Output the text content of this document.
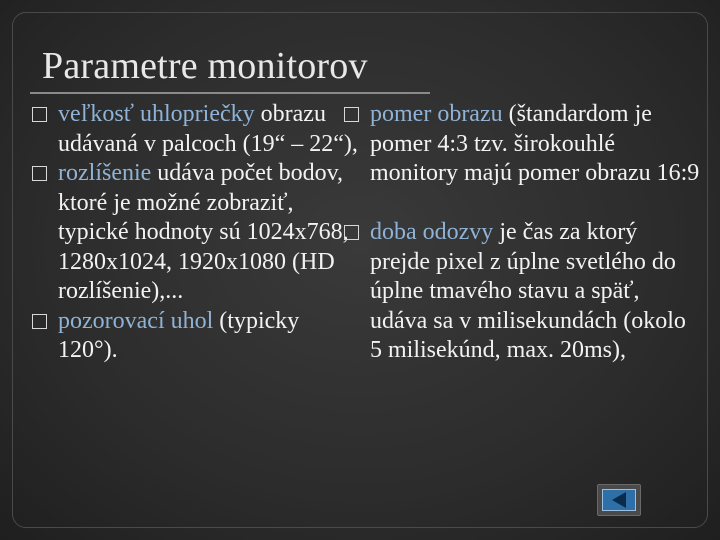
Parametre monitorov
veľkosť uhlopriečky obrazu udávaná v palcoch (19“ – 22“),
rozlíšenie udáva počet bodov, ktoré je možné zobraziť, typické hodnoty sú 1024x768, 1280x1024, 1920x1080 (HD rozlíšenie),...
pozorovací uhol (typicky 120°).
pomer obrazu (štandardom je pomer 4:3 tzv. širokouhlé monitory majú pomer obrazu 16:9
doba odozvy je čas za ktorý prejde pixel z úplne svetlého do úplne tmavého stavu a späť, udáva sa v milisekundách (okolo 5 milisekúnd, max. 20ms),
